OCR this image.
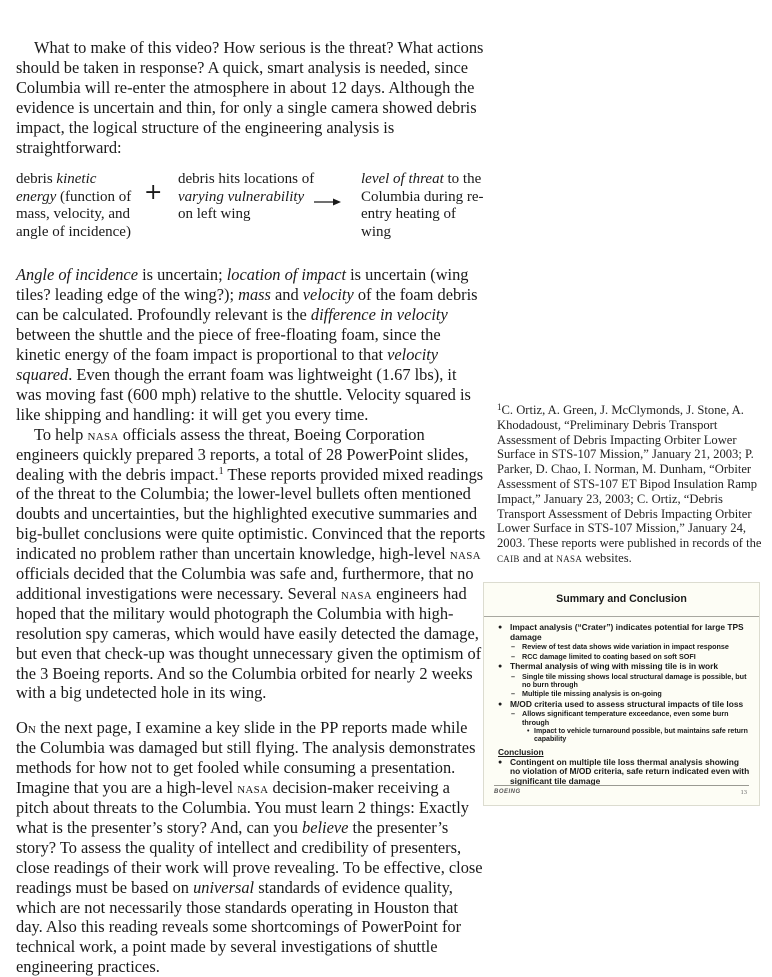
What to make of this video? How serious is the threat? What actions should be taken in response? A quick, smart analysis is needed, since Columbia will re-enter the atmosphere in about 12 days. Although the evidence is uncertain and thin, for only a single camera showed debris impact, the logical structure of the engineering analysis is straightforward:

debris kinetic energy (function of mass, velocity, and angle of incidence)
+
debris hits locations of varying vulnerability on left wing
level of threat to the Columbia during re-entry heating of wing

Angle of incidence is uncertain; location of impact is uncertain (wing tiles? leading edge of the wing?); mass and velocity of the foam debris can be calculated. Profoundly relevant is the difference in velocity between the shuttle and the piece of free-floating foam, since the kinetic energy of the foam impact is proportional to that velocity squared. Even though the errant foam was lightweight (1.67 lbs), it was moving fast (600 mph) relative to the shuttle. Velocity squared is like shipping and handling: it will get you every time.

To help nasa officials assess the threat, Boeing Corporation engineers quickly prepared 3 reports, a total of 28 PowerPoint slides, dealing with the debris impact.$^1$ These reports provided mixed readings of the threat to the Columbia; the lower-level bullets often mentioned doubts and uncertainties, but the highlighted executive summaries and big-bullet conclusions were quite optimistic. Convinced that the reports indicated no problem rather than uncertain knowledge, high-level nasa officials decided that the Columbia was safe and, furthermore, that no additional investigations were necessary. Several nasa engineers had hoped that the military would photograph the Columbia with high-resolution spy cameras, which would have easily detected the damage, but even that check-up was thought unnecessary given the optimism of the 3 Boeing reports. And so the Columbia orbited for nearly 2 weeks with a big undetected hole in its wing.

On the next page, I examine a key slide in the PP reports made while the Columbia was damaged but still flying. The analysis demonstrates methods for how not to get fooled while consuming a presentation. Imagine that you are a high-level nasa decision-maker receiving a pitch about threats to the Columbia. You must learn 2 things: Exactly what is the presenter’s story? And, can you believe the presenter’s story? To assess the quality of intellect and credibility of presenters, close readings of their work will prove revealing. To be effective, close readings must be based on universal standards of evidence quality, which are not necessarily those standards operating in Houston that day. Also this reading reveals some shortcomings of PowerPoint for technical work, a point made by several investigations of shuttle engineering practices.

$^1$C. Ortiz, A. Green, J. McClymonds, J. Stone, A. Khodadoust, “Preliminary Debris Transport Assessment of Debris Impacting Orbiter Lower Surface in STS-107 Mission,” January 21, 2003; P. Parker, D. Chao, I. Norman, M. Dunham, “Orbiter Assessment of STS-107 ET Bipod Insulation Ramp Impact,” January 23, 2003; C. Ortiz, “Debris Transport Assessment of Debris Impacting Orbiter Lower Surface in STS-107 Mission,” January 24, 2003. These reports were published in records of the caib and at nasa websites.
Summary and Conclusion
● Impact analysis (“Crater”) indicates potential for large TPS damage
– Review of test data shows wide variation in impact response
– RCC damage limited to coating based on soft SOFI
● Thermal analysis of wing with missing tile is in work
– Single tile missing shows local structural damage is possible, but no burn through
– Multiple tile missing analysis is on-going
● M/OD criteria used to assess structural impacts of tile loss
– Allows significant temperature exceedance, even some burn through
• Impact to vehicle turnaround possible, but maintains safe return capability
Conclusion
● Contingent on multiple tile loss thermal analysis showing no violation of M/OD criteria, safe return indicated even with significant tile damage
BOEING	13
